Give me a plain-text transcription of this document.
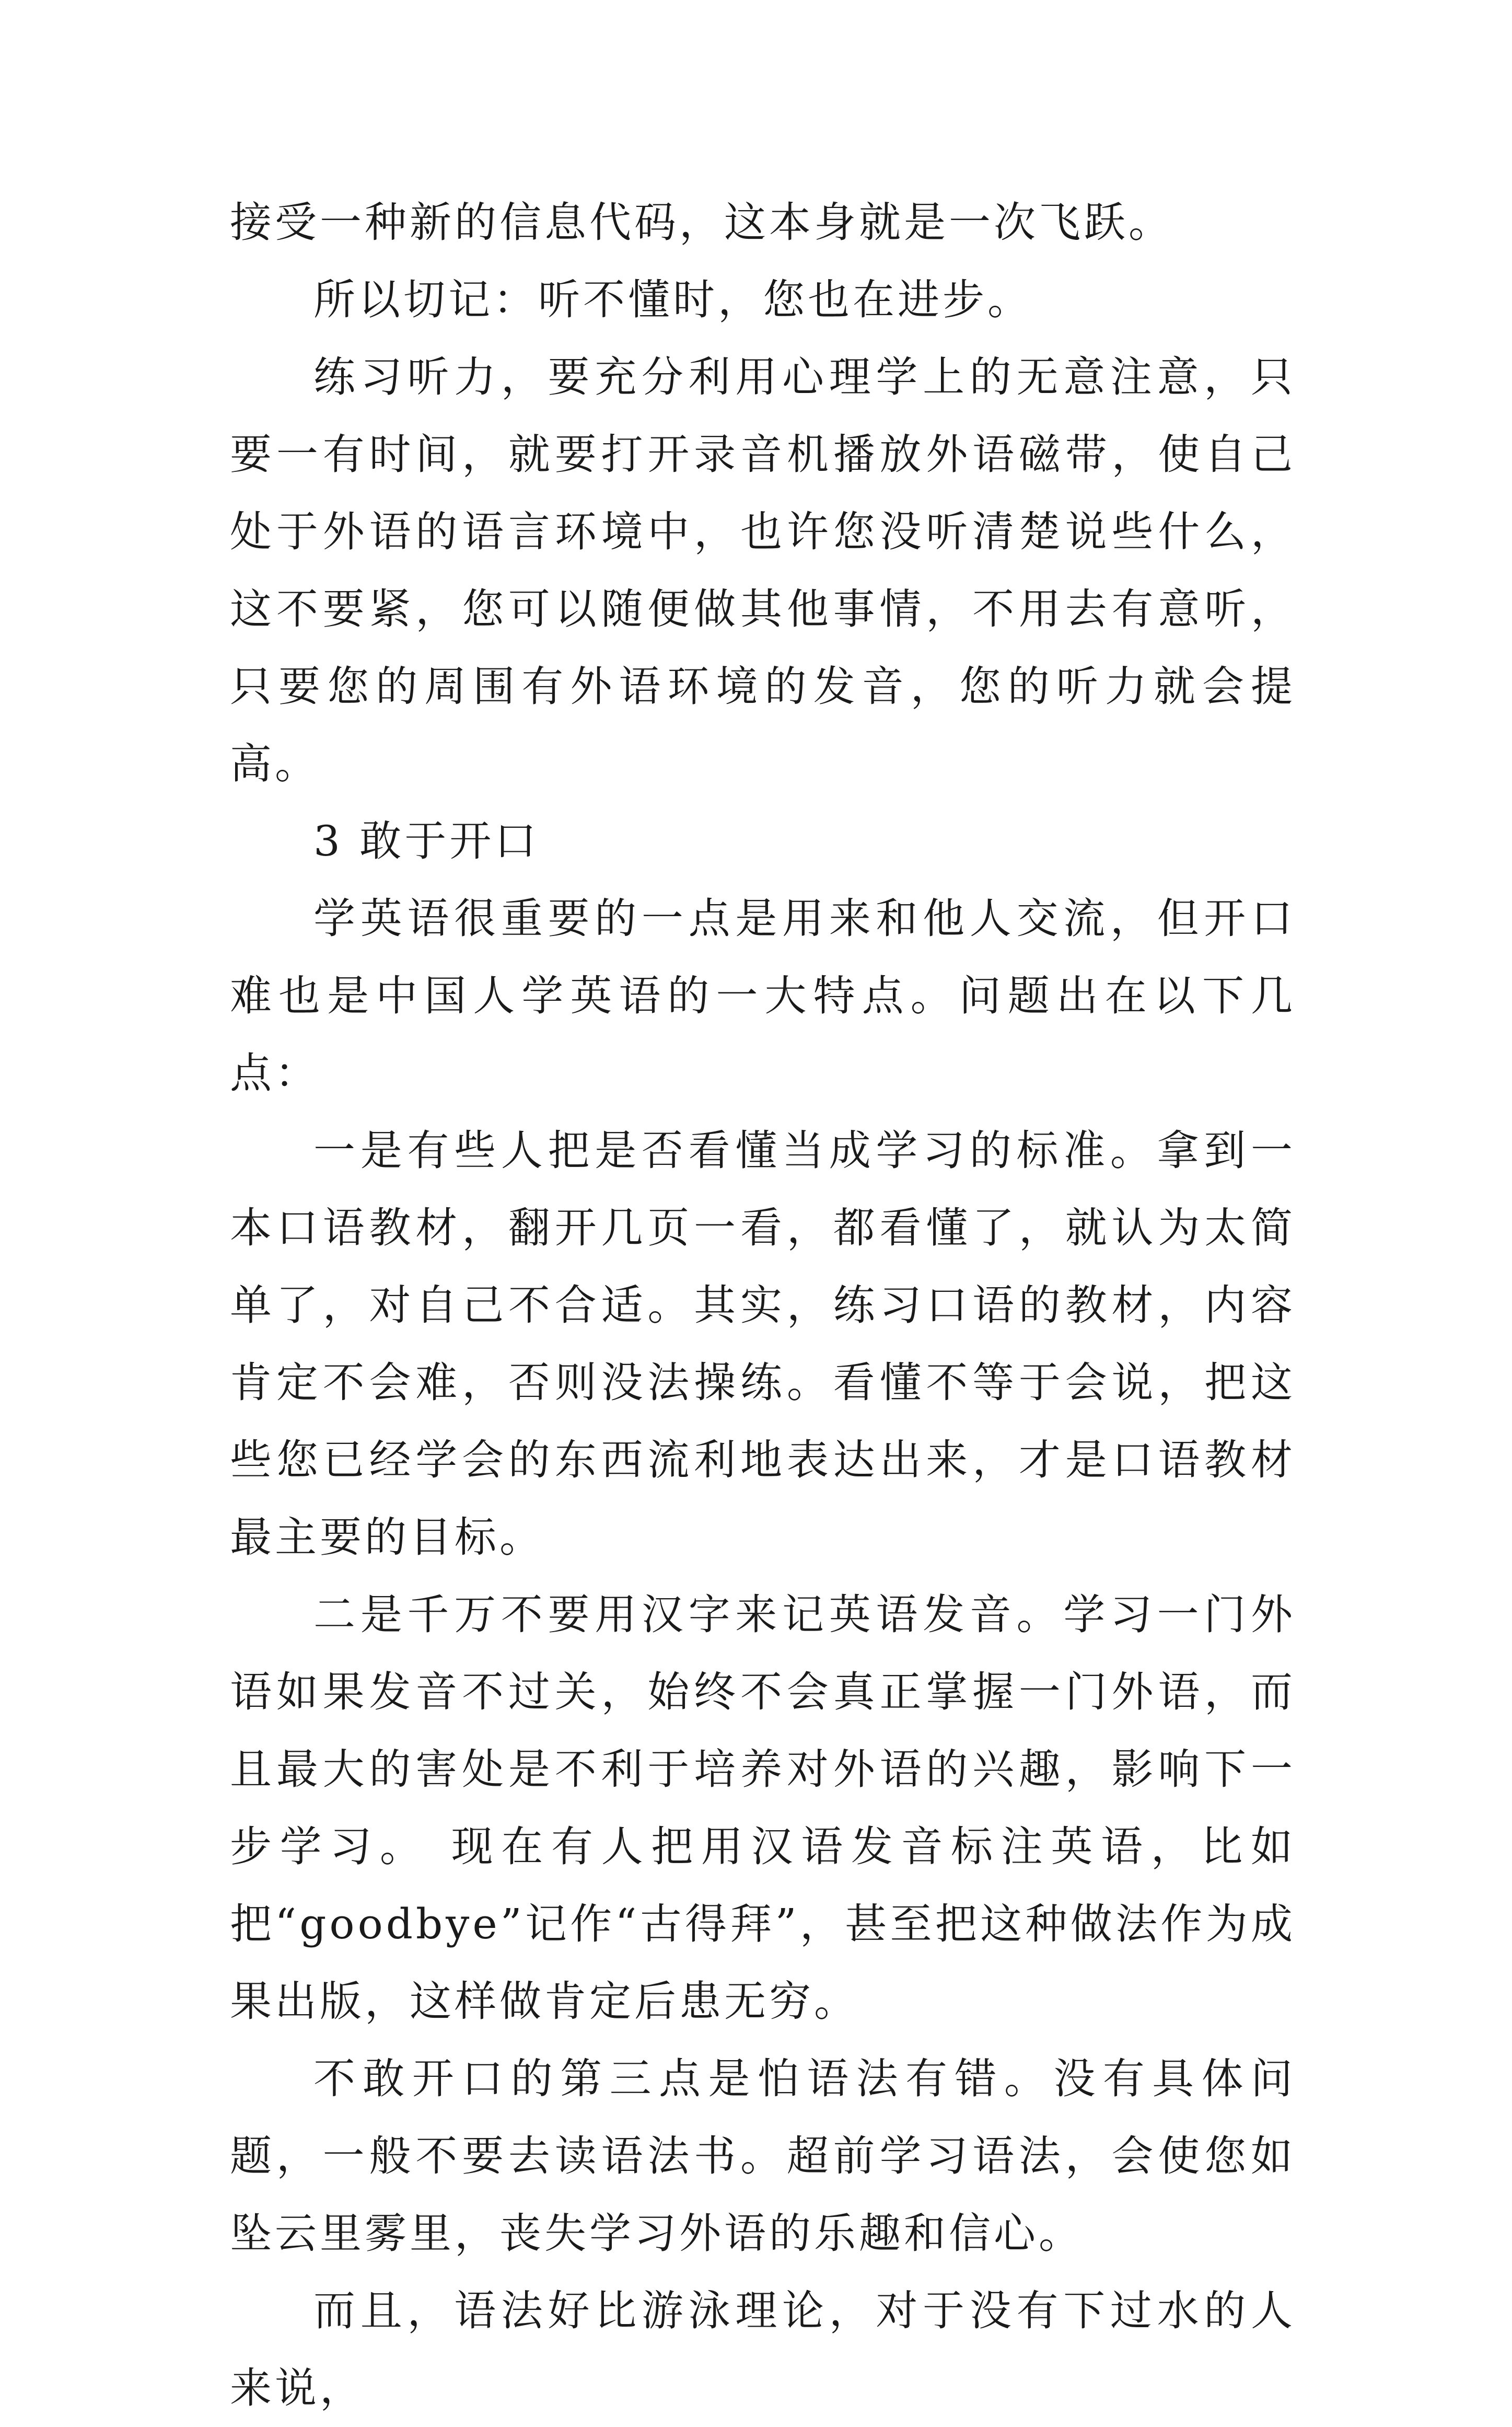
接受一种新的信息代码，这本身就是一次飞跃。

所以切记：听不懂时，您也在进步。

练习听力，要充分利用心理学上的无意注意，只要一有时间，就要打开录音机播放外语磁带，使自己处于外语的语言环境中，也许您没听清楚说些什么，这不要紧，您可以随便做其他事情，不用去有意听，只要您的周围有外语环境的发音，您的听力就会提高。

3 敢于开口

学英语很重要的一点是用来和他人交流，但开口难也是中国人学英语的一大特点。问题出在以下几点：

一是有些人把是否看懂当成学习的标准。拿到一本口语教材，翻开几页一看，都看懂了，就认为太简单了，对自己不合适。其实，练习口语的教材，内容肯定不会难，否则没法操练。看懂不等于会说，把这些您已经学会的东西流利地表达出来，才是口语教材最主要的目标。

二是千万不要用汉字来记英语发音。学习一门外语如果发音不过关，始终不会真正掌握一门外语，而且最大的害处是不利于培养对外语的兴趣，影响下一步学习。 现在有人把用汉语发音标注英语，比如把“goodbye”记作“古得拜”，甚至把这种做法作为成果出版，这样做肯定后患无穷。

不敢开口的第三点是怕语法有错。没有具体问题，一般不要去读语法书。超前学习语法，会使您如坠云里雾里，丧失学习外语的乐趣和信心。

而且，语法好比游泳理论，对于没有下过水的人来说，
